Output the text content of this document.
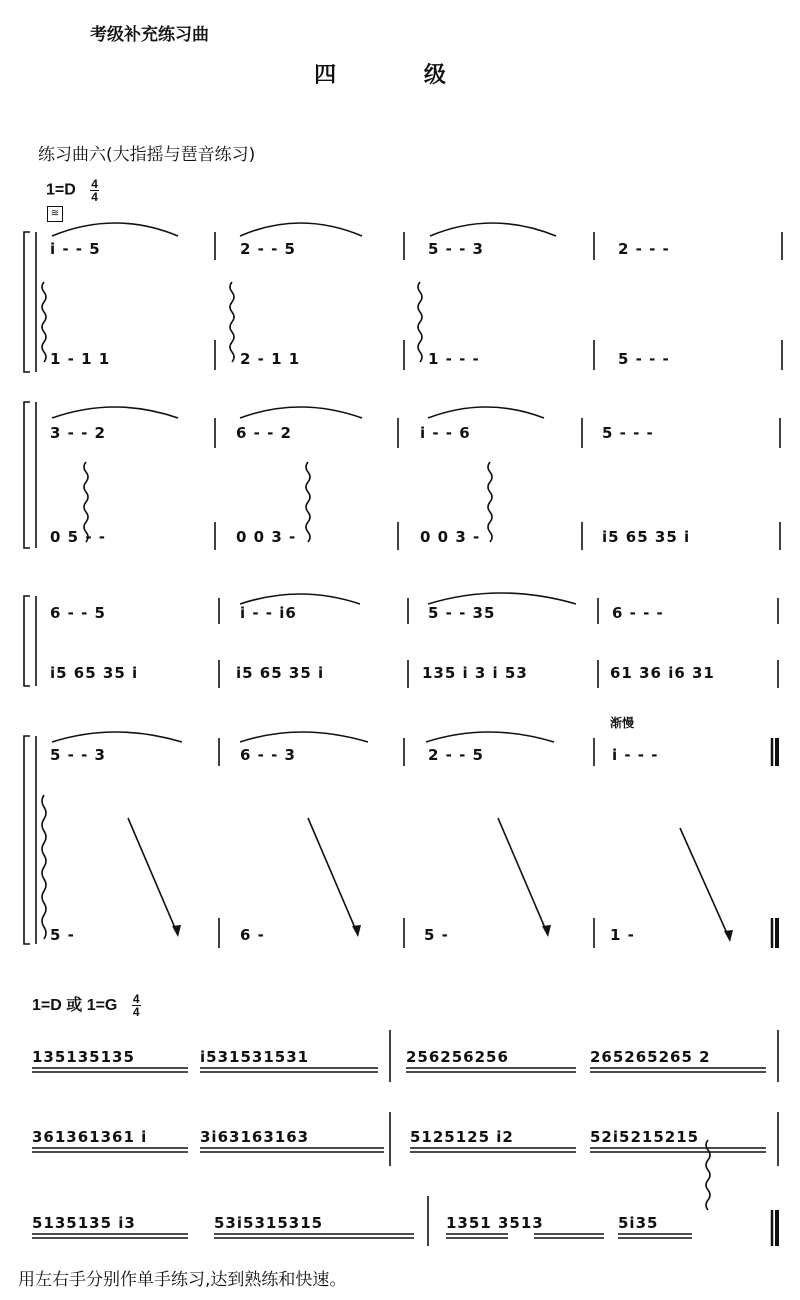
考级补充练习曲
四 级
练习曲六(大指摇与琶音练习)
$1=D \frac{4}{4}$
≋
渐慢
i - - 5	2 - - 5	5 - - 3	2 - - -
1 - 1 1	2 - 1 1	1 - - -	5 - - -
3 - - 2	6 - - 2	i - - 6	5 - - -
0 5 - -	0 0 3 -	0 0 3 -	i5 65 35 i
6 - - 5	i - - i6	5 - - 35	6 - - -
i5 65 35 i	i5 65 35 i	135 i 3 i 53	61 36 i6 31
5 - - 3	6 - - 3	2 - - 5	i - - -
5 -	6 -	5 -	1 -
1=D 或 $1=G \frac{4}{4}$
135135135	i531531531	256256256	265265265 2
361361361 i	3i63163163	5125125 i2	52i5215215
5135135 i3	53i5315315	1351 3513	5i35
用左右手分别作单手练习,达到熟练和快速。
